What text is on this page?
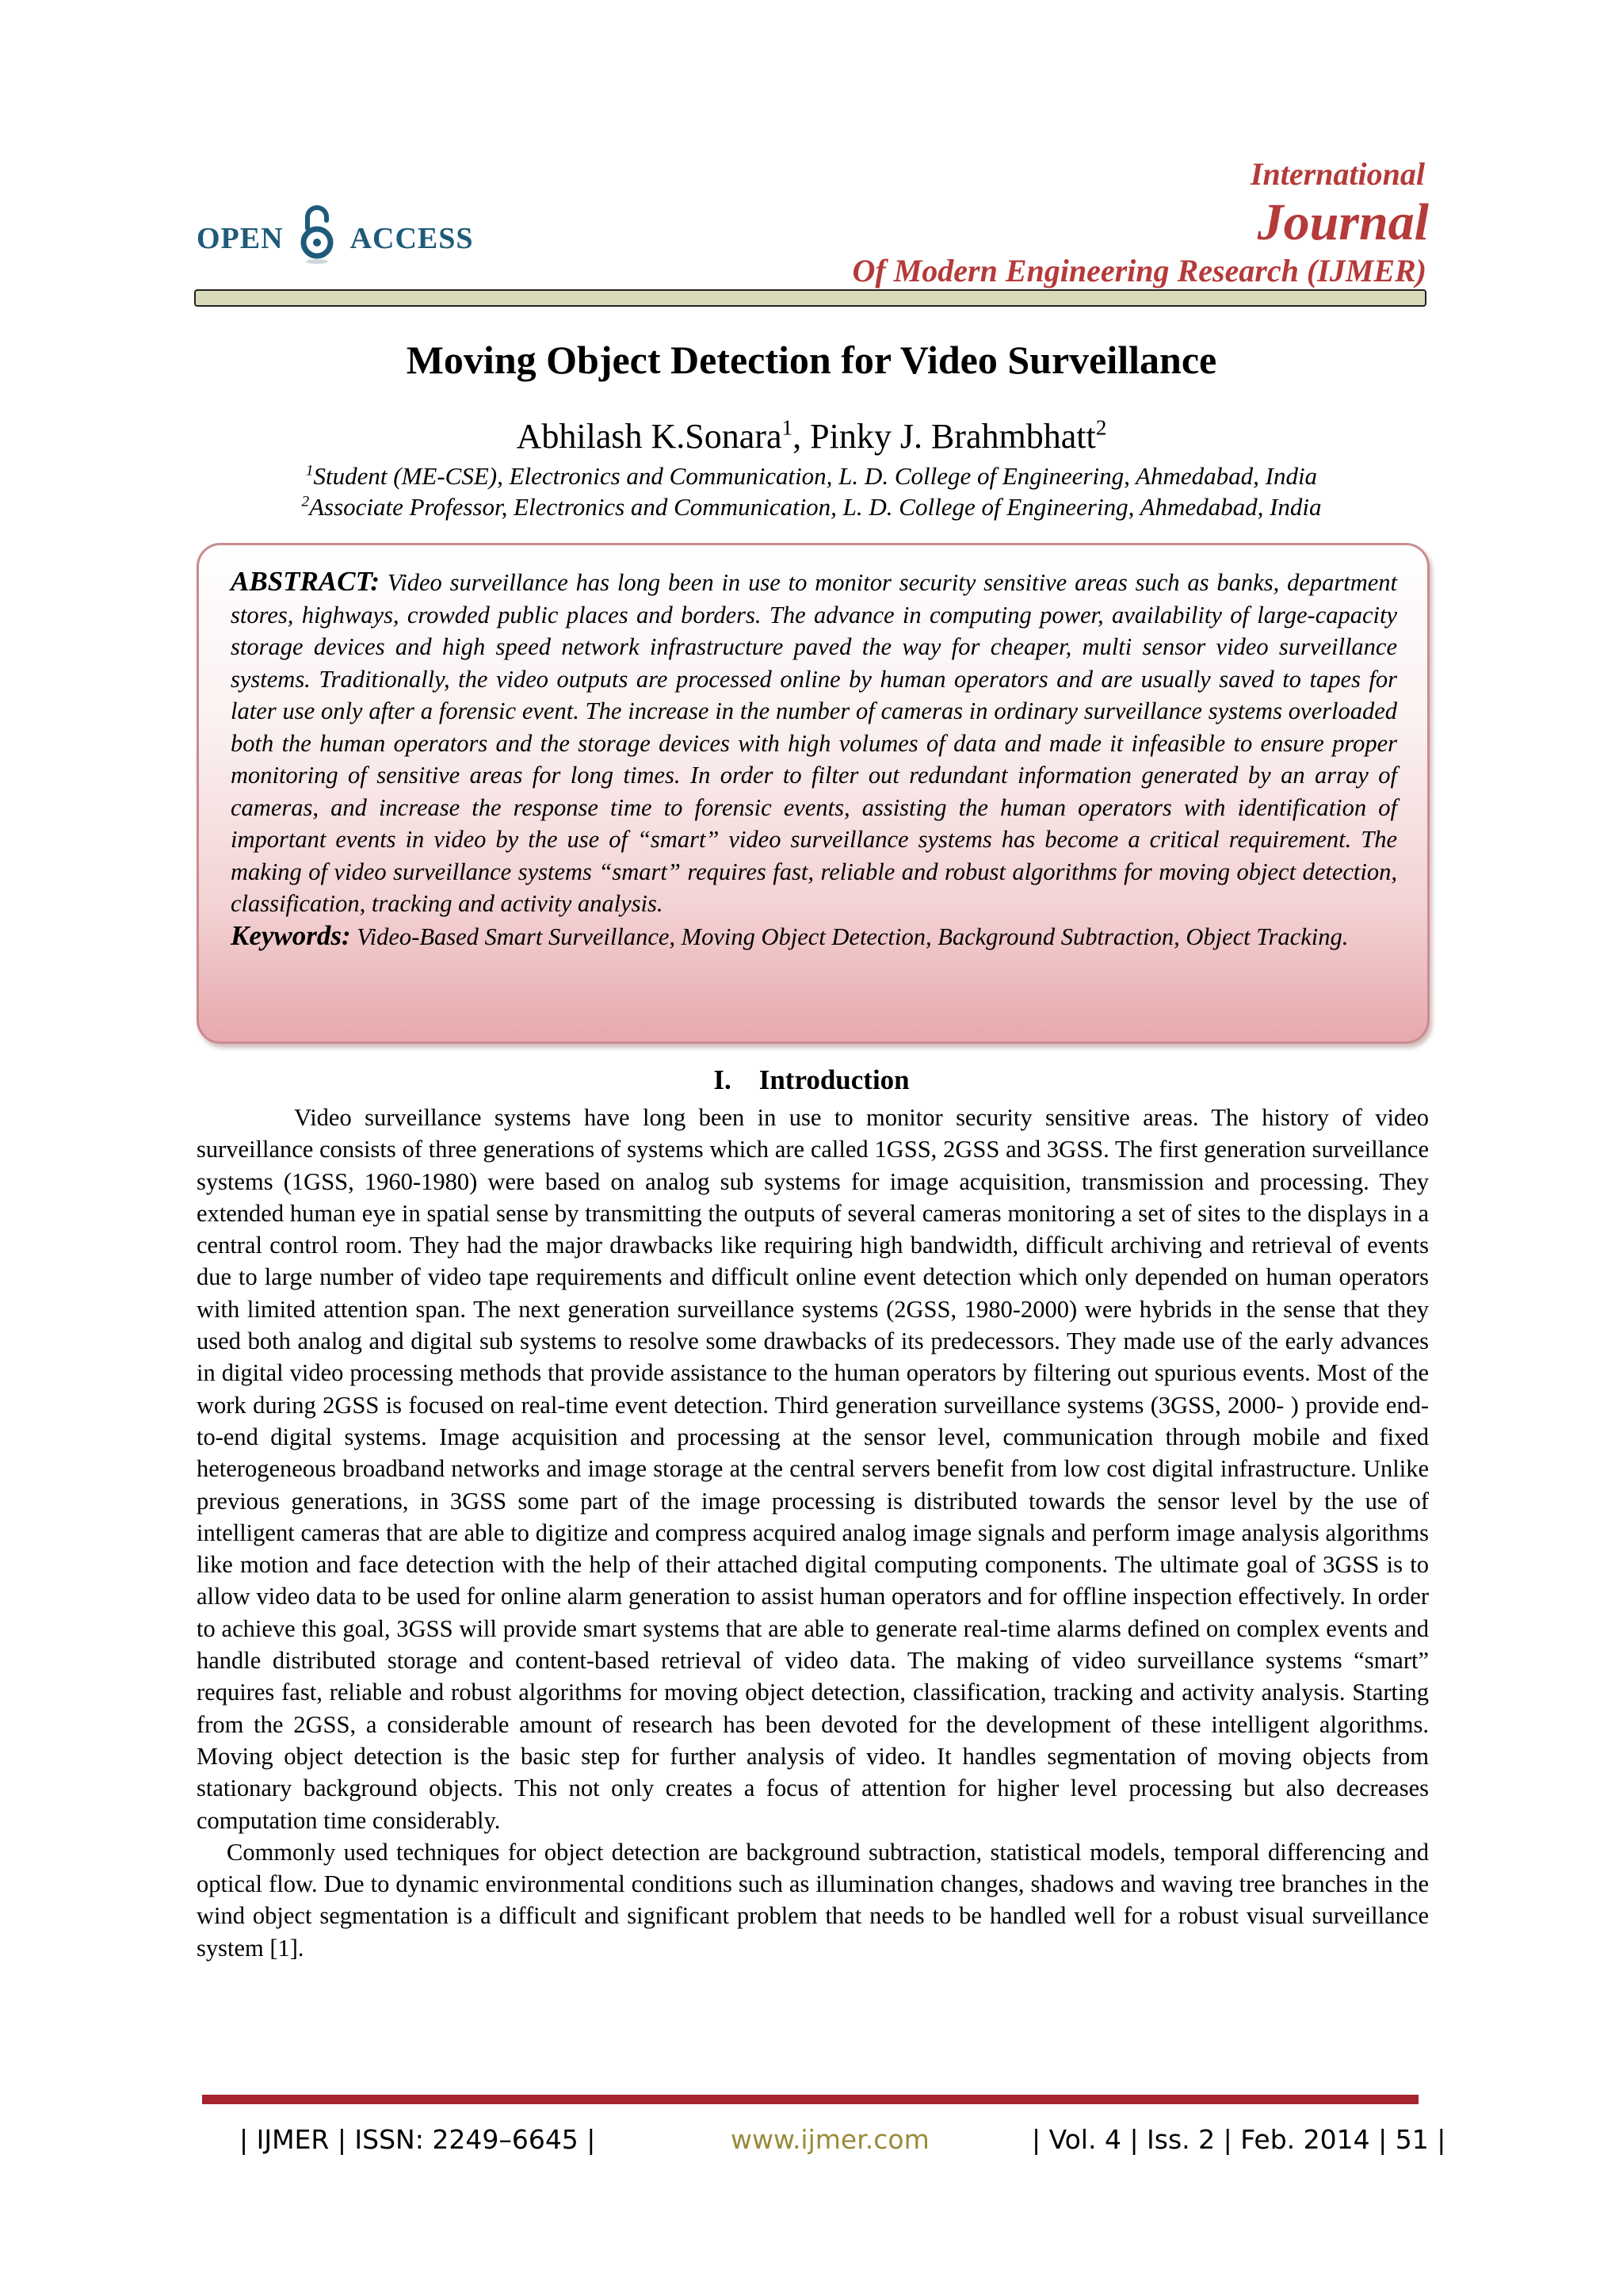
OPEN ACCESS
International
Journal
Of Modern Engineering Research (IJMER)
Moving Object Detection for Video Surveillance
Abhilash K.Sonara$^1$, Pinky J. Brahmbhatt$^2$
$^1$Student (ME-CSE), Electronics and Communication, L. D. College of Engineering, Ahmedabad, India
$^2$Associate Professor, Electronics and Communication, L. D. College of Engineering, Ahmedabad, India
ABSTRACT: Video surveillance has long been in use to monitor security sensitive areas such as banks, department stores, highways, crowded public places and borders. The advance in computing power, availability of large-capacity storage devices and high speed network infrastructure paved the way for cheaper, multi sensor video surveillance systems. Traditionally, the video outputs are processed online by human operators and are usually saved to tapes for later use only after a forensic event. The increase in the number of cameras in ordinary surveillance systems overloaded both the human operators and the storage devices with high volumes of data and made it infeasible to ensure proper monitoring of sensitive areas for long times. In order to filter out redundant information generated by an array of cameras, and increase the response time to forensic events, assisting the human operators with identification of important events in video by the use of “smart” video surveillance systems has become a critical requirement. The making of video surveillance systems “smart” requires fast, reliable and robust algorithms for moving object detection, classification, tracking and activity analysis.
Keywords: Video-Based Smart Surveillance, Moving Object Detection, Background Subtraction, Object Tracking.
I.    Introduction

Video surveillance systems have long been in use to monitor security sensitive areas. The history of video surveillance consists of three generations of systems which are called 1GSS, 2GSS and 3GSS. The first generation surveillance systems (1GSS, 1960-1980) were based on analog sub systems for image acquisition, transmission and processing. They extended human eye in spatial sense by transmitting the outputs of several cameras monitoring a set of sites to the displays in a central control room. They had the major drawbacks like requiring high bandwidth, difficult archiving and retrieval of events due to large number of video tape requirements and difficult online event detection which only depended on human operators with limited attention span. The next generation surveillance systems (2GSS, 1980-2000) were hybrids in the sense that they used both analog and digital sub systems to resolve some drawbacks of its predecessors. They made use of the early advances in digital video processing methods that provide assistance to the human operators by filtering out spurious events. Most of the work during 2GSS is focused on real-time event detection. Third generation surveillance systems (3GSS, 2000- ) provide end-to-end digital systems. Image acquisition and processing at the sensor level, communication through mobile and fixed heterogeneous broadband networks and image storage at the central servers benefit from low cost digital infrastructure. Unlike previous generations, in 3GSS some part of the image processing is distributed towards the sensor level by the use of intelligent cameras that are able to digitize and compress acquired analog image signals and perform image analysis algorithms like motion and face detection with the help of their attached digital computing components. The ultimate goal of 3GSS is to allow video data to be used for online alarm generation to assist human operators and for offline inspection effectively. In order to achieve this goal, 3GSS will provide smart systems that are able to generate real-time alarms defined on complex events and handle distributed storage and content-based retrieval of video data. The making of video surveillance systems “smart” requires fast, reliable and robust algorithms for moving object detection, classification, tracking and activity analysis. Starting from the 2GSS, a considerable amount of research has been devoted for the development of these intelligent algorithms. Moving object detection is the basic step for further analysis of video. It handles segmentation of moving objects from stationary background objects. This not only creates a focus of attention for higher level processing but also decreases computation time considerably.

Commonly used techniques for object detection are background subtraction, statistical models, temporal differencing and optical flow. Due to dynamic environmental conditions such as illumination changes, shadows and waving tree branches in the wind object segmentation is a difficult and significant problem that needs to be handled well for a robust visual surveillance system [1].

| IJMER | ISSN: 2249–6645 |	www.ijmer.com	| Vol. 4 | Iss. 2 | Feb. 2014 | 51 |
